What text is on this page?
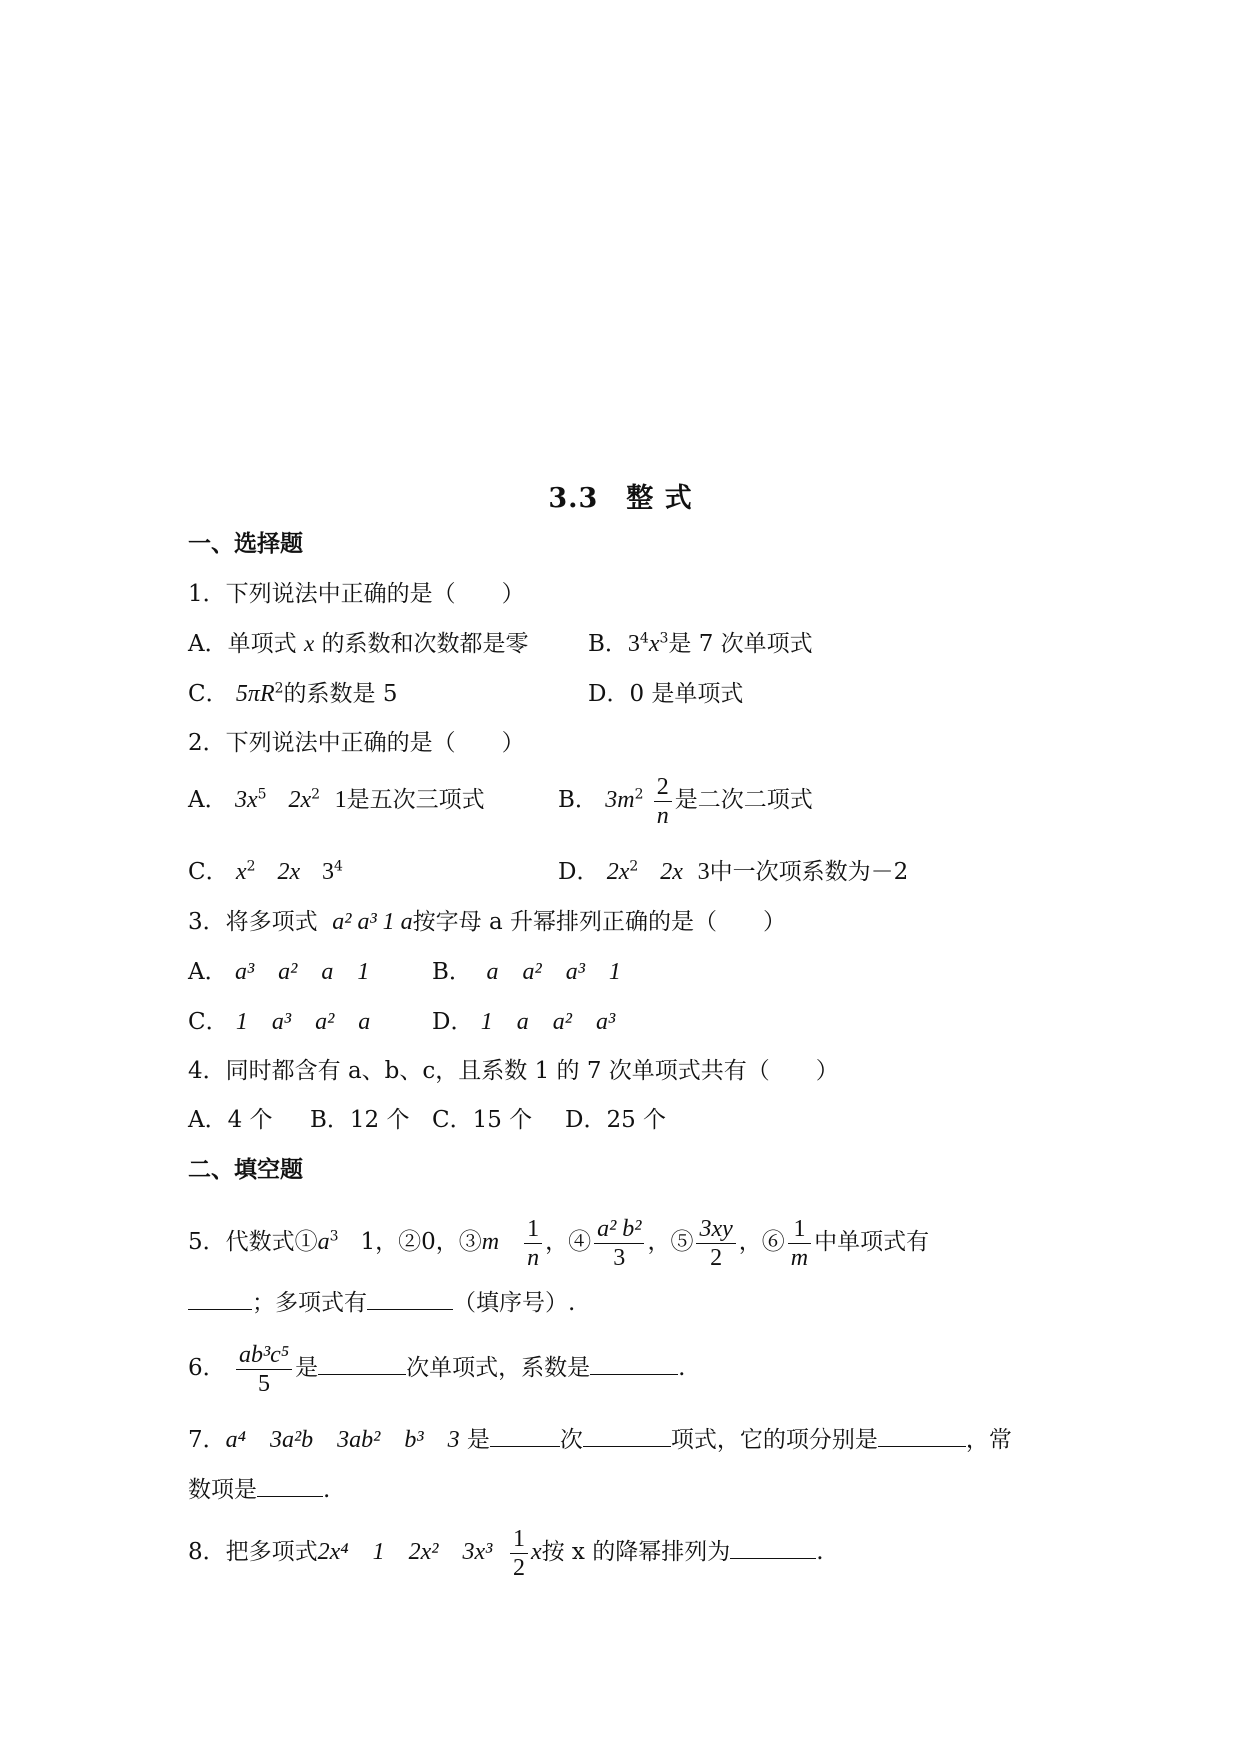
3.3　整 式
一、选择题
1．下列说法中正确的是（　　）
A．单项式 x 的系数和次数都是零	B．$3^4x^3$是 7 次单项式
C． $5\pi R^2$的系数是 5	D．0 是单项式
2．下列说法中正确的是（　　）
A． $3x^5$ $2x^2$ 1是五次三项式	B． $3m^2 \frac{2}{n}$ 是二次二项式
C． $x^2$ 2x $3^4$	D． $2x^2$ 2x 3中一次项系数为－2
3．将多项式 a² a³ 1 a按字母 a 升幂排列正确的是（　　）
A． a³　a²　a　1	B． a　a²　a³　1
C． 1　a³　a²　a	D． 1　a　a²　a³
4．同时都含有 a、b、c，且系数 1 的 7 次单项式共有（　　）
A．4 个 B．12 个 C．15 个 D．25 个
二、填空题
5．代数式$①a^3$ 1，②0，③m $\frac{1}{n}$ ，④ $\frac{\text{a² b²}}{3}$ ，⑤ $\frac{3xy}{2}$ ，⑥ $\frac{1}{m}$ 中单项式有
；多项式有	（填序号）.
6． $\frac{\text{ab³c⁵}}{5}$ 是	次单项式，系数是	.
7．a⁴　3a²b　3ab²　b³　3 是	次	项式，它的项分别是	，常
数项是	.
8．把多项式2x⁴　1　2x²　$3x^3 \frac{1}{2}$ x按 x 的降幂排列为	.
